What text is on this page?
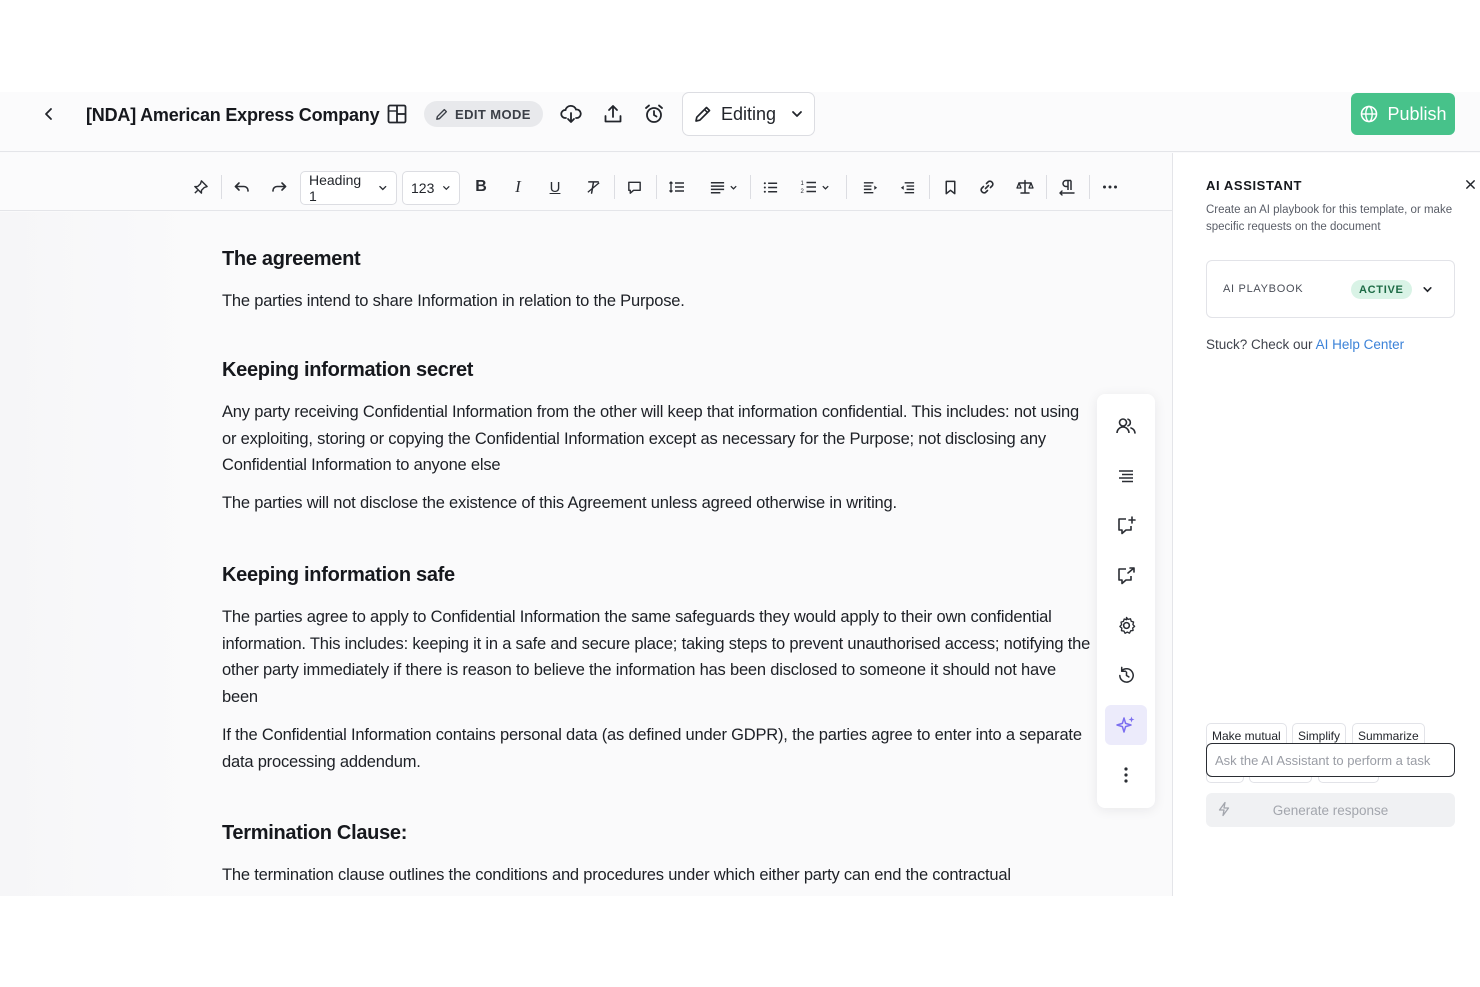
[NDA] American Express Company	EDIT MODE	Editing	Publish
Heading 1	123	B	I	U	1
2
The agreement

The parties intend to share Information in relation to the Purpose.

Keeping information secret

Any party receiving Confidential Information from the other will keep that information confidential. This includes: not using or exploiting, storing or copying the Confidential Information except as necessary for the Purpose; not disclosing any Confidential Information to anyone else

The parties will not disclose the existence of this Agreement unless agreed otherwise in writing.

Keeping information safe

The parties agree to apply to Confidential Information the same safeguards they would apply to their own confidential information. This includes: keeping it in a safe and secure place; taking steps to prevent unauthorised access; notifying the other party immediately if there is reason to believe the information has been disclosed to someone it should not have been

If the Confidential Information contains personal data (as defined under GDPR), the parties agree to enter into a separate data processing addendum.

Termination Clause:

The termination clause outlines the conditions and procedures under which either party can end the contractual

AI ASSISTANT
Create an AI playbook for this template, or make specific requests on the document
AI PLAYBOOK	ACTIVE
Stuck? Check our AI Help Center
Make mutual	Simplify	Summarize
Ask the AI Assistant to perform a task
Generate response
